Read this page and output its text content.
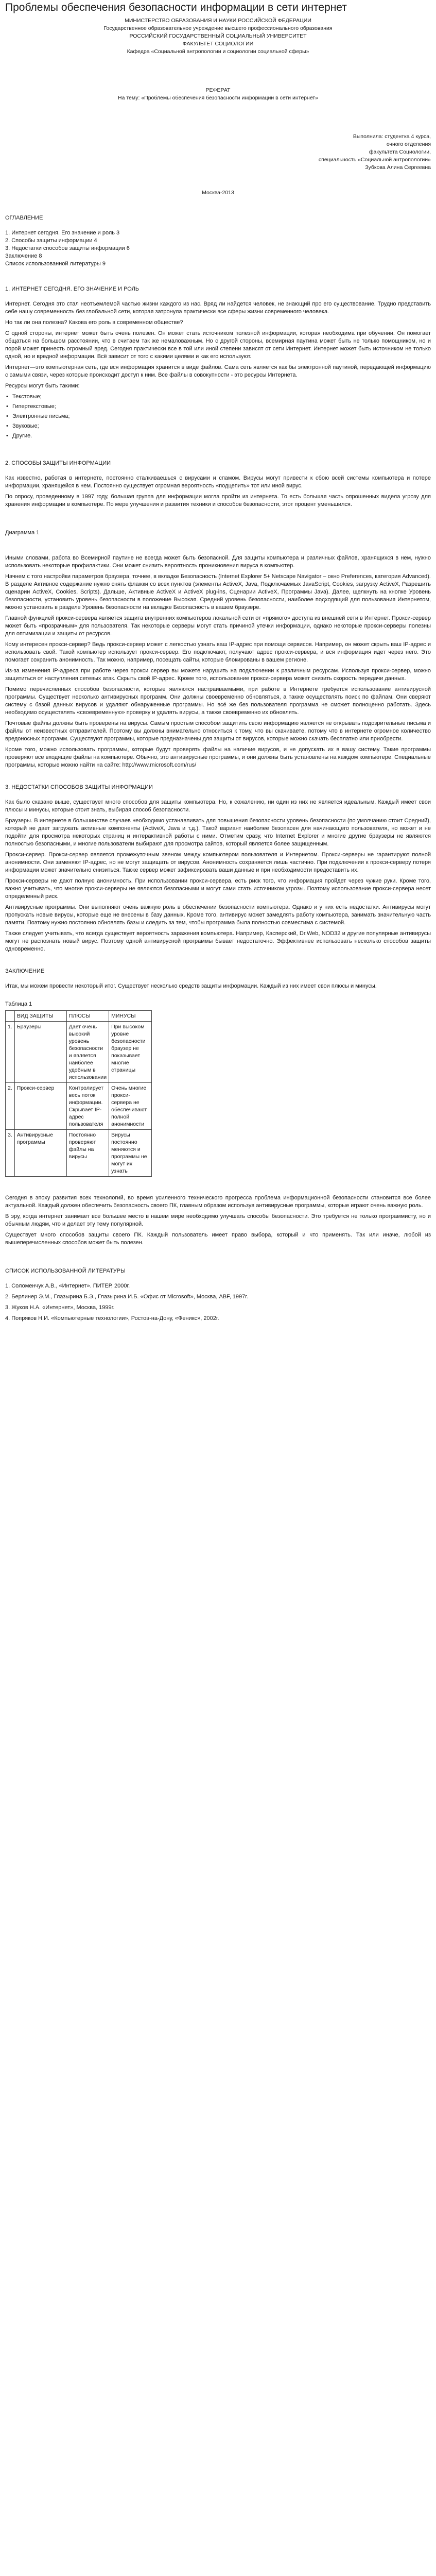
Проблемы обеспечения безопасности информации в сети интернет

МИНИСТЕРСТВО ОБРАЗОВАНИЯ И НАУКИ РОССИЙСКОЙ ФЕДЕРАЦИИ

Государственное образовательное учреждение высшего профессионального образования

РОССИЙСКИЙ ГОСУДАРСТВЕННЫЙ СОЦИАЛЬНЫЙ УНИВЕРСИТЕТ

ФАКУЛЬТЕТ СОЦИОЛОГИИ

Кафедра «Социальной антропологии и социологии социальной сферы»

РЕФЕРАТ

На тему: «Проблемы обеспечения безопасности информации в сети интернет»

Выполнила: студентка 4 курса,

очного отделения

факультета Социологии,

специальность «Социальной антропологии»

Зубкова Алина Сергеевна

Москва-2013

ОГЛАВЛЕНИЕ

1. Интернет сегодня. Его значение и роль 3

2. Способы защиты информации 4

3. Недостатки способов защиты информации 6

Заключение 8

Список использованной литературы 9

1. ИНТЕРНЕТ СЕГОДНЯ. ЕГО ЗНАЧЕНИЕ И РОЛЬ

Интернет. Сегодня это стал неотъемлемой частью жизни каждого из нас. Вряд ли найдется человек, не знающий про его существование. Трудно представить себе нашу современность без глобальной сети, которая затронула практически все сферы жизни современного человека.

Но так ли она полезна? Какова его роль в современном обществе?

С одной стороны, интернет может быть очень полезен. Он может стать источником полезной информации, которая необходима при обучении. Он помогает общаться на большом расстоянии, что в считаем так же немаловажным. Но с другой стороны, всемирная паутина может быть не только помощником, но и порой может принесть огромный вред. Сегодня практически все в той или иной степени зависят от сети Интернет. Интернет может быть источником не только одной, но и вредной информации. Всё зависит от того с какими целями и как его используют.

Интернет—это компьютерная сеть, где вся информация хранится в виде файлов. Сама сеть является как бы электронной паутиной, передающей информацию с самыми связи, через которые происходит доступ к ним. Все файлы в совокупности - это ресурсы Интернета.

Ресурсы могут быть такими:

• Текстовые;

• Гипертекстовые;

• Электронные письма;

• Звуковые;

• Другие.

2. СПОСОБЫ ЗАЩИТЫ ИНФОРМАЦИИ

Как известно, работая в интернете, постоянно сталкиваешься с вирусами и спамом. Вирусы могут привести к сбою всей системы компьютера и потере информации, хранящейся в нем. Постоянно существует огромная вероятность «подцепить» тот или иной вирус.

По опросу, проведенному в 1997 году, большая группа для информации могла пройти из интернета. То есть большая часть опрошенных видела угрозу для хранения информации в компьютере. По мере улучшения и развития техники и способов безопасности, этот процент уменьшился.

Диаграмма 1

Иными словами, работа во Всемирной паутине не всегда может быть безопасной. Для защиты компьютера и различных файлов, хранящихся в нем, нужно использовать некоторые профилактики. Они может снизить вероятность проникновения вируса в компьютер.

Начнем с того настройки параметров браузера, точнее, в вкладке Безопасность (Internet Explorer 5+ Netscape Navigator – окно Preferences, категория Advanced). В разделе Активное содержание нужно снять флажки со всех пунктов (элементы ActiveX, Java, Подключаемых JavaScript, Cookies, загрузку ActiveX, Разрешить сценарии ActiveX, Cookies, Scripts). Дальше, Активные ActiveX и ActiveX plug-ins, Сценарии ActiveX, Программы Java). Далее, щелкнуть на кнопке Уровень безопасности, установить уровень безопасности в положение Высокая. Средний уровень безопасности, наиболее подходящий для пользования Интернетом, можно установить в разделе Уровень безопасности на вкладке Безопасность в вашем браузере.

Главной функцией прокси-сервера является защита внутренних компьютеров локальной сети от «прямого» доступа из внешней сети в Интернет. Прокси-сервер может быть «прозрачным» для пользователя. Так некоторые серверы могут стать причиной утечки информации, однако некоторые прокси-серверы полезны для оптимизации и защиты от ресурсов.

Кому интересен прокси-сервер? Ведь прокси-сервер может с легкостью узнать ваш IP-адрес при помощи сервисов. Например, он может скрыть ваш IP-адрес и использовать свой. Такой компьютер использует прокси-сервер. Его подключают, получают адрес прокси-сервера, и вся информация идет через него. Это помогает сохранить анонимность. Так можно, например, посещать сайты, которые блокированы в вашем регионе.

Из-за изменения IP-адреса при работе через прокси сервер вы можете нарушить на подключении к различным ресурсам. Используя прокси-сервер, можно защититься от наступления сетевых атак. Скрыть свой IP-адрес. Кроме того, использование прокси-сервера может снизить скорость передачи данных.

Помимо перечисленных способов безопасности, которые являются настраиваемыми, при работе в Интернете требуется использование антивирусной программы. Существует несколько антивирусных программ. Они должны своевременно обновляться, а также осуществлять поиск по файлам. Они сверяют систему с базой данных вирусов и удаляют обнаруженные программы. Но всё же без пользователя программа не сможет полноценно работать. Здесь необходимо осуществлять «своевременную» проверку и удалять вирусы, а также своевременно их обновлять.

Почтовые файлы должны быть проверены на вирусы. Самым простым способом защитить свою информацию является не открывать подозрительные письма и файлы от неизвестных отправителей. Поэтому вы должны внимательно относиться к тому, что вы скачиваете, потому что в интернете огромное количество вредоносных программ. Существуют программы, которые предназначены для защиты от вирусов, которые можно скачать бесплатно или приобрести.

Кроме того, можно использовать программы, которые будут проверять файлы на наличие вирусов, и не допускать их в вашу систему. Такие программы проверяют все входящие файлы на компьютере. Обычно, это антивирусные программы, и они должны быть установлены на каждом компьютере. Специальные программы, которые можно найти на сайте: http://www.microsoft.com/rus/

3. НЕДОСТАТКИ СПОСОБОВ ЗАЩИТЫ ИНФОРМАЦИИ

Как было сказано выше, существует много способов для защиты компьютера. Но, к сожалению, ни один из них не является идеальным. Каждый имеет свои плюсы и минусы, которые стоит знать, выбирая способ безопасности.

Браузеры. В интернете в большинстве случаев необходимо устанавливать для повышения безопасности уровень безопасности (по умолчанию стоит Средний), который не дает загружать активные компоненты (ActiveX, Java и т.д.). Такой вариант наиболее безопасен для начинающего пользователя, но может и не подойти для просмотра некоторых страниц и интерактивной работы с ними. Отметим сразу, что Internet Explorer и многие другие браузеры не являются полностью безопасными, и многие пользователи выбирают для просмотра сайтов, который является более защищенным.

Прокси-сервер. Прокси-сервер является промежуточным звеном между компьютером пользователя и Интернетом. Прокси-серверы не гарантируют полной анонимности. Они заменяют IP-адрес, но не могут защищать от вирусов. Анонимность сохраняется лишь частично. При подключении к прокси-серверу потеря информации может значительно снизиться. Также сервер может зафиксировать ваши данные и при необходимости предоставить их.

Прокси-серверы не дают полную анонимность. При использовании прокси-сервера, есть риск того, что информация пройдет через чужие руки. Кроме того, важно учитывать, что многие прокси-серверы не являются безопасными и могут сами стать источником угрозы. Поэтому использование прокси-сервера несет определенный риск.

Антивирусные программы. Они выполняют очень важную роль в обеспечении безопасности компьютера. Однако и у них есть недостатки. Антивирусы могут пропускать новые вирусы, которые еще не внесены в базу данных. Кроме того, антивирус может замедлять работу компьютера, занимать значительную часть памяти. Поэтому нужно постоянно обновлять базы и следить за тем, чтобы программа была полностью совместима с системой.

Также следует учитывать, что всегда существует вероятность заражения компьютера. Например, Касперский, Dr.Web, NOD32 и другие популярные антивирусы могут не распознать новый вирус. Поэтому одной антивирусной программы бывает недостаточно. Эффективнее использовать несколько способов защиты одновременно.

ЗАКЛЮЧЕНИЕ

Итак, мы можем провести некоторый итог. Существует несколько средств защиты информации. Каждый из них имеет свои плюсы и минусы.

Таблица 1

	ВИД ЗАЩИТЫ	ПЛЮСЫ	МИНУСЫ
1.	Браузеры	Дает очень высокий уровень безопасности и является наиболее удобным в использовании	При высоком уровне безопасности браузер не показывает многие страницы
2.	Прокси-сервер	Контролирует весь поток информации. Скрывает IP-адрес пользователя	Очень многие прокси-сервера не обеспечивают полной анонимности
3.	Антивирусные программы	Постоянно проверяют файлы на вирусы	Вирусы постоянно меняются и программы не могут их узнать

Сегодня в эпоху развития всех технологий, во время усиленного технического прогресса проблема информационной безопасности становится все более актуальной. Каждый должен обеспечить безопасность своего ПК, главным образом используя антивирусные программы, которые играют очень важную роль.

В эру, когда интернет занимает все большее место в нашем мире необходимо улучшать способы безопасности. Это требуется не только программисту, но и обычным людям, что и делает эту тему популярной.

Существует много способов защиты своего ПК. Каждый пользователь имеет право выбора, который и что применять. Так или иначе, любой из вышеперечисленных способов может быть полезен.

СПИСОК ИСПОЛЬЗОВАННОЙ ЛИТЕРАТУРЫ

1. Соломенчук А.В., «Интернет». ПИТЕР, 2000г.

2. Берлинер Э.М., Глазырина Б.Э., Глазырина И.Б. «Офис от Microsoft», Москва, ABF, 1997г.

3. Жуков Н.А. «Интернет», Москва, 1999г.

4. Попряков Н.И. «Компьютерные технологии», Ростов-на-Дону, «Феникс», 2002г.
